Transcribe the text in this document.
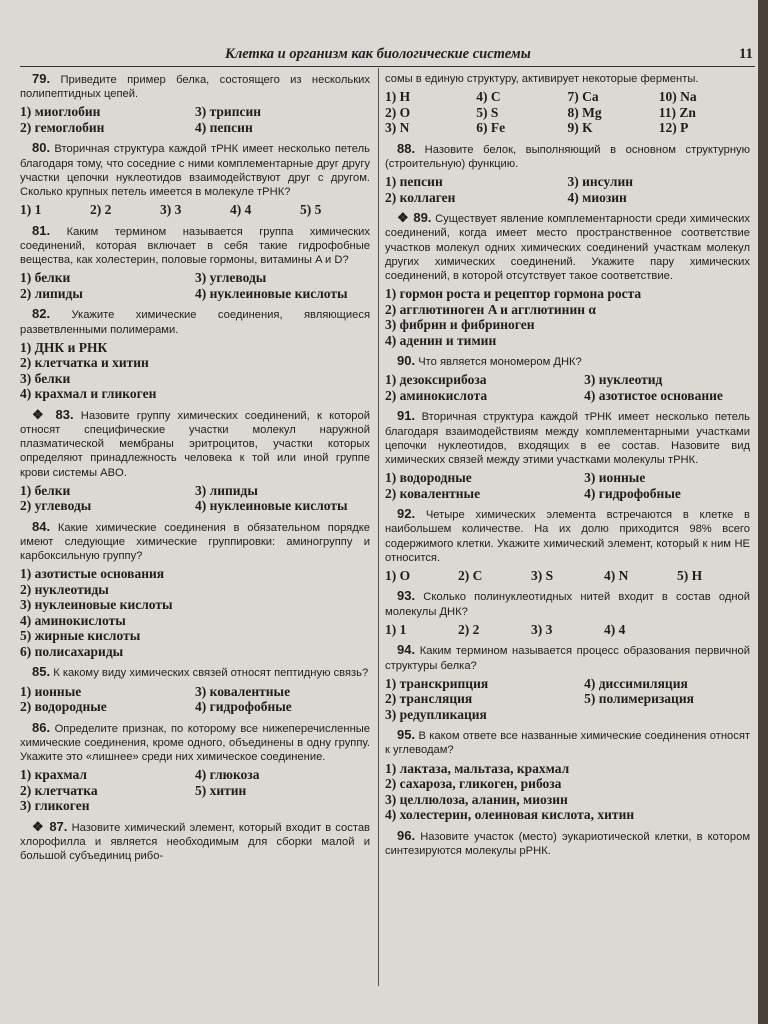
Клетка и организм как биологические системы	11

79. Приведите пример белка, состоящего из нескольких полипептидных цепей.

1) миоглобин	3) трипсин
2) гемоглобин	4) пепсин

80. Вторичная структура каждой тРНК имеет несколько петель благодаря тому, что соседние с ними комплементарные друг другу участки цепочки нуклеотидов взаимодействуют друг с другом. Сколько крупных петель имеется в молекуле тРНК?

1) 1	2) 2	3) 3	4) 4	5) 5

81. Каким термином называется группа химических соединений, которая включает в себя такие гидрофобные вещества, как холестерин, половые гормоны, витамины A и D?

1) белки	3) углеводы
2) липиды	4) нуклеиновые кислоты

82. Укажите химические соединения, являющиеся разветвленными полимерами.

1) ДНК и РНК
2) клетчатка и хитин
3) белки
4) крахмал и гликоген

❖ 83. Назовите группу химических соединений, к которой относят специфические участки молекул наружной плазматической мембраны эритроцитов, участки которых определяют принадлежность человека к той или иной группе крови системы ABO.

1) белки	3) липиды
2) углеводы	4) нуклеиновые кислоты

84. Какие химические соединения в обязательном порядке имеют следующие химические группировки: аминогруппу и карбоксильную группу?

1) азотистые основания
2) нуклеотиды
3) нуклеиновые кислоты
4) аминокислоты
5) жирные кислоты
6) полисахариды

85. К какому виду химических связей относят пептидную связь?

1) ионные	3) ковалентные
2) водородные	4) гидрофобные

86. Определите признак, по которому все нижеперечисленные химические соединения, кроме одного, объединены в одну группу. Укажите это «лишнее» среди них химическое соединение.

1) крахмал	4) глюкоза
2) клетчатка	5) хитин
3) гликоген

❖ 87. Назовите химический элемент, который входит в состав хлорофилла и является необходимым для сборки малой и большой субъединиц рибо-

сомы в единую структуру, активирует некоторые ферменты.

1) H	4) C	7) Ca	10) Na
2) O	5) S	8) Mg	11) Zn
3) N	6) Fe	9) K	12) P

88. Назовите белок, выполняющий в основном структурную (строительную) функцию.

1) пепсин	3) инсулин
2) коллаген	4) миозин

❖ 89. Существует явление комплементарности среди химических соединений, когда имеет место пространственное соответствие участков молекул одних химических соединений участкам молекул других химических соединений. Укажите пару химических соединений, в которой отсутствует такое соответствие.

1) гормон роста и рецептор гормона роста
2) агглютиноген A и агглютинин α
3) фибрин и фибриноген
4) аденин и тимин

90. Что является мономером ДНК?

1) дезоксирибоза	3) нуклеотид
2) аминокислота	4) азотистое основание

91. Вторичная структура каждой тРНК имеет несколько петель благодаря взаимодействиям между комплементарными участками цепочки нуклеотидов, входящих в ее состав. Назовите вид химических связей между этими участками молекулы тРНК.

1) водородные	3) ионные
2) ковалентные	4) гидрофобные

92. Четыре химических элемента встречаются в клетке в наибольшем количестве. На их долю приходится 98% всего содержимого клетки. Укажите химический элемент, который к ним НЕ относится.

1) O	2) C	3) S	4) N	5) H

93. Сколько полинуклеотидных нитей входит в состав одной молекулы ДНК?

1) 1	2) 2	3) 3	4) 4

94. Каким термином называется процесс образования первичной структуры белка?

1) транскрипция	4) диссимиляция
2) трансляция	5) полимеризация
3) редупликация

95. В каком ответе все названные химические соединения относят к углеводам?

1) лактаза, мальтаза, крахмал
2) сахароза, гликоген, рибоза
3) целлюлоза, аланин, миозин
4) холестерин, олеиновая кислота, хитин

96. Назовите участок (место) эукариотической клетки, в котором синтезируются молекулы рРНК.
